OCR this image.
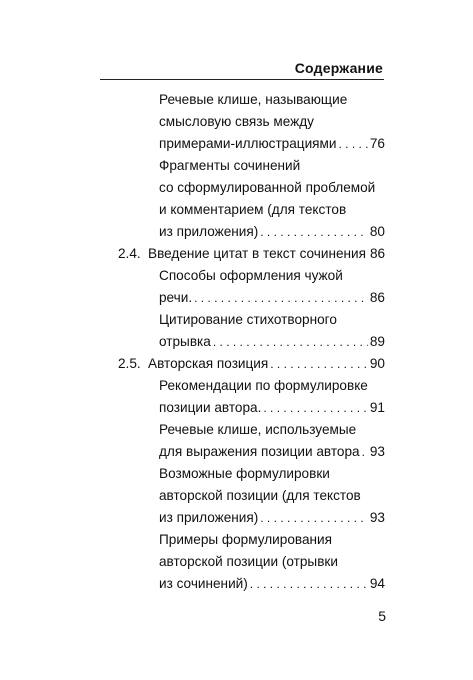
Содержание
Речевые клише, называющие
смысловую связь между
примерами-иллюстрациями . . . 76
Фрагменты сочинений
со сформулированной проблемой
и комментарием (для текстов
из приложения) . . .	80
2.4. Введение цитат в текст сочинения 86
Способы оформления чужой
речи. . . .	86
Цитирование стихотворного
отрывка . . .	89
2.5. Авторская позиция . . .	90
Рекомендации по формулировке
позиции автора. . . .	91
Речевые клише, используемые
для выражения позиции автора . . . 93
Возможные формулировки
авторской позиции (для текстов
из приложения) . . .	93
Примеры формулирования
авторской позиции (отрывки
из сочинений) . . .	94
5
